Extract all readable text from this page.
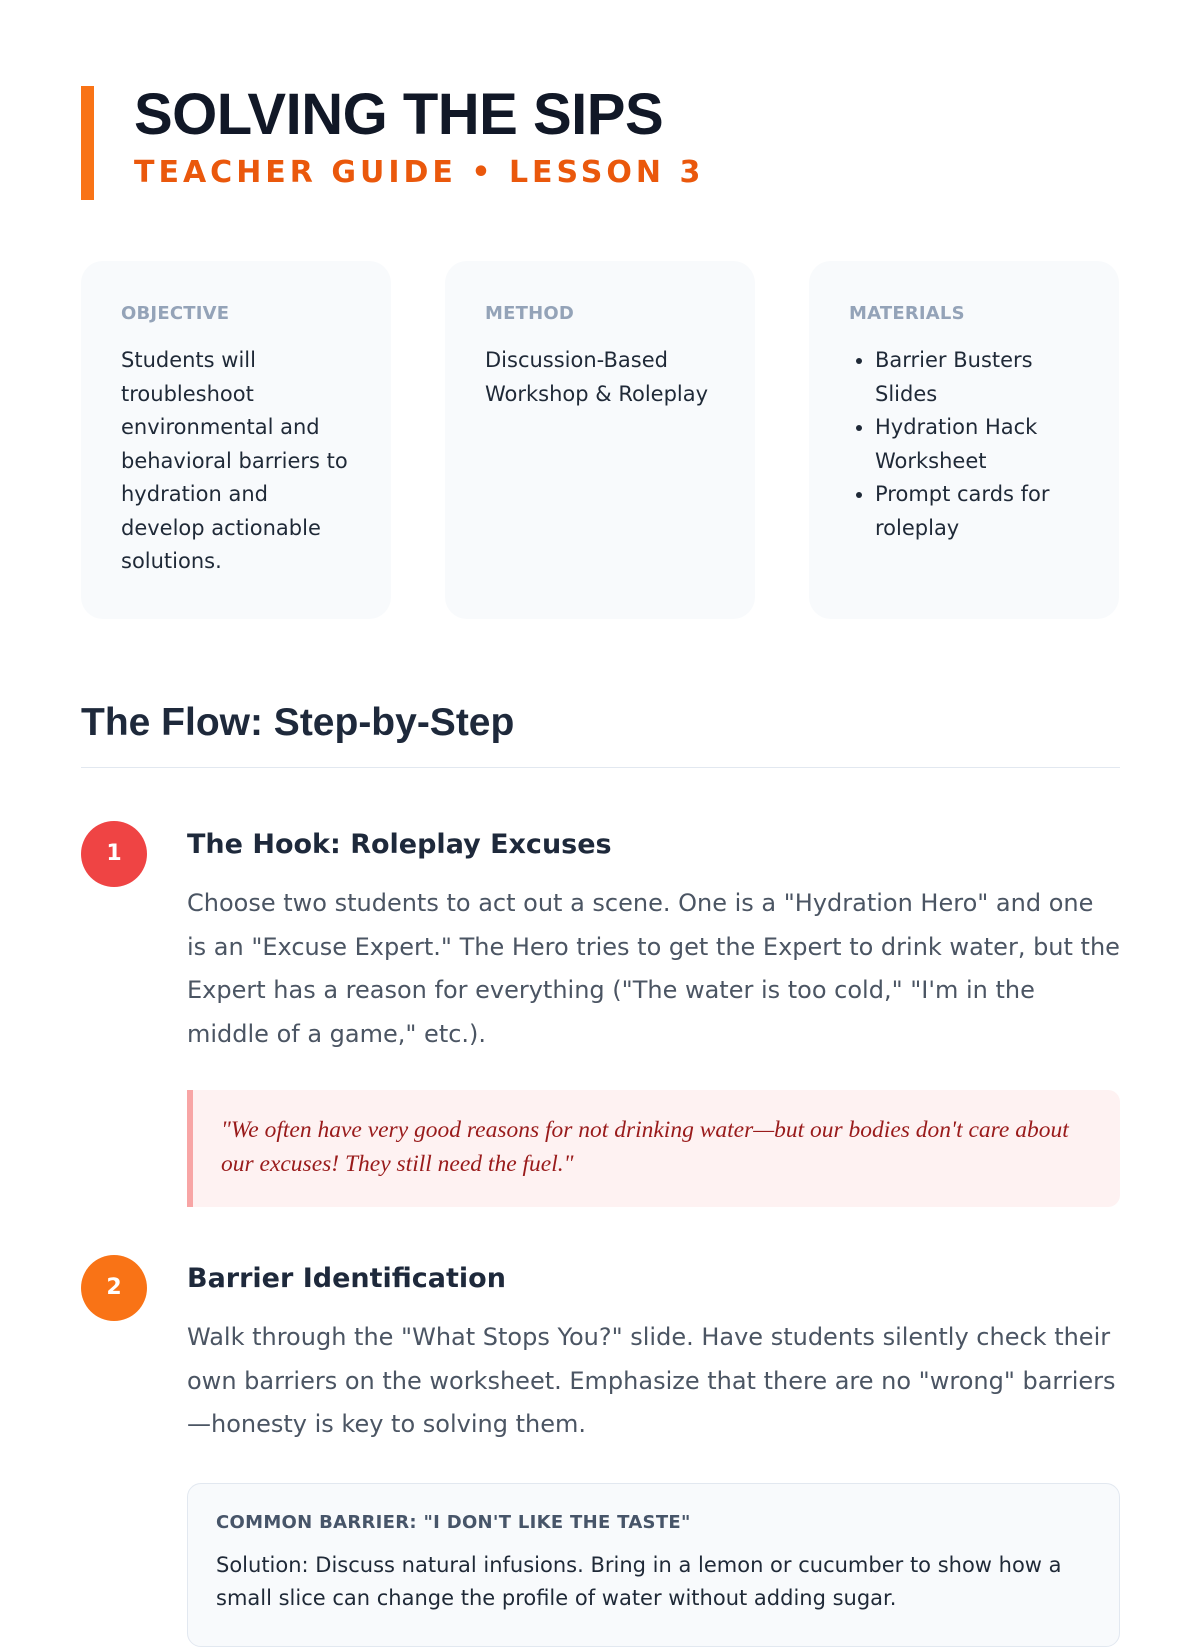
SOLVING THE SIPS
TEACHER GUIDE • LESSON 3
OBJECTIVE
Students will troubleshoot environmental and behavioral barriers to hydration and develop actionable solutions.
METHOD
Discussion-Based Workshop & Roleplay
MATERIALS
• Barrier Busters Slides
• Hydration Hack Worksheet
• Prompt cards for roleplay
The Flow: Step-by-Step
1	The Hook: Roleplay Excuses
Choose two students to act out a scene. One is a "Hydration Hero" and one is an "Excuse Expert." The Hero tries to get the Expert to drink water, but the Expert has a reason for everything ("The water is too cold," "I'm in the middle of a game," etc.).
"We often have very good reasons for not drinking water—but our bodies don't care about our excuses! They still need the fuel."
2	Barrier Identification
Walk through the "What Stops You?" slide. Have students silently check their own barriers on the worksheet. Emphasize that there are no "wrong" barriers—honesty is key to solving them.
COMMON BARRIER: "I DON'T LIKE THE TASTE"
Solution: Discuss natural infusions. Bring in a lemon or cucumber to show how a small slice can change the profile of water without adding sugar.
